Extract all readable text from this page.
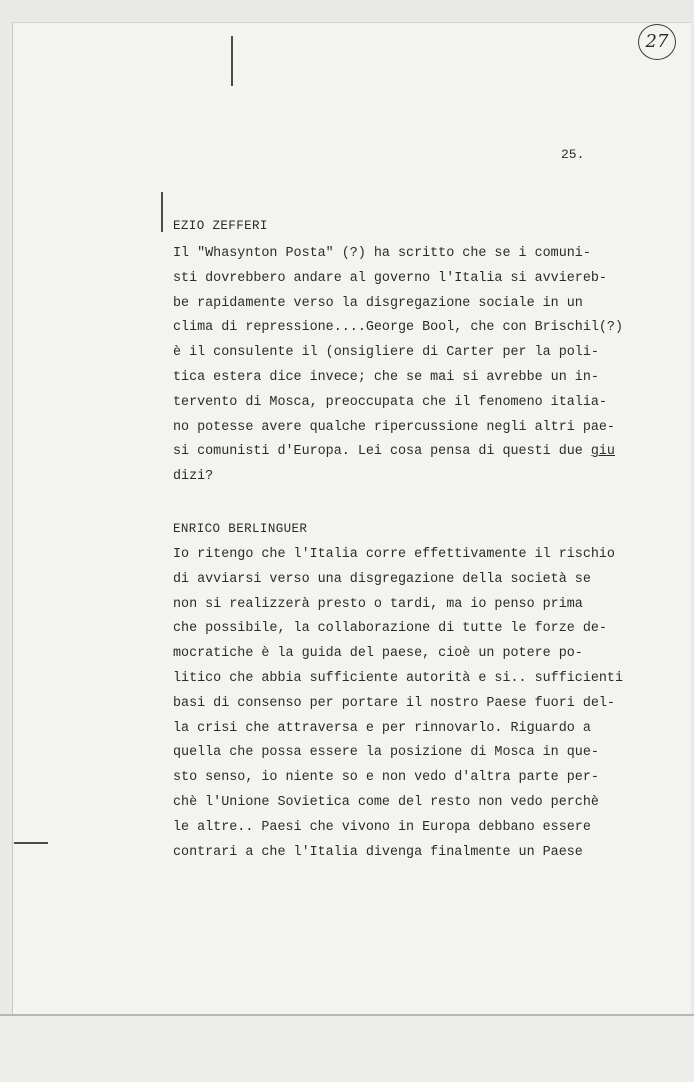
27
25.
EZIO ZEFFERI
Il "Whasynton Posta" (?) ha scritto che se i comuni-
sti dovrebbero andare al governo l'Italia si avviereb-
be rapidamente verso la disgregazione sociale in un
clima di repressione....George Bool, che con Brischil(?)
è il consulente il (onsigliere di Carter per la poli-
tica estera dice invece; che se mai si avrebbe un in-
tervento di Mosca, preoccupata che il fenomeno italia-
no potesse avere qualche ripercussione negli altri pae-
si comunisti d'Europa. Lei cosa pensa di questi due giu
dizi?
ENRICO BERLINGUER
Io ritengo che l'Italia corre effettivamente il rischio
di avviarsi verso una disgregazione della società se
non si realizzerà presto o tardi, ma io penso prima
che possibile, la collaborazione di tutte le forze de-
mocratiche è la guida del paese, cioè un potere po-
litico che abbia sufficiente autorità e si.. sufficienti
basi di consenso per portare il nostro Paese fuori del-
la crisi che attraversa e per rinnovarlo. Riguardo a
quella che possa essere la posizione di Mosca in que-
sto senso, io niente so e non vedo d'altra parte per-
chè l'Unione Sovietica come del resto non vedo perchè
le altre.. Paesi che vivono in Europa debbano essere
contrari a che l'Italia divenga finalmente un Paese
